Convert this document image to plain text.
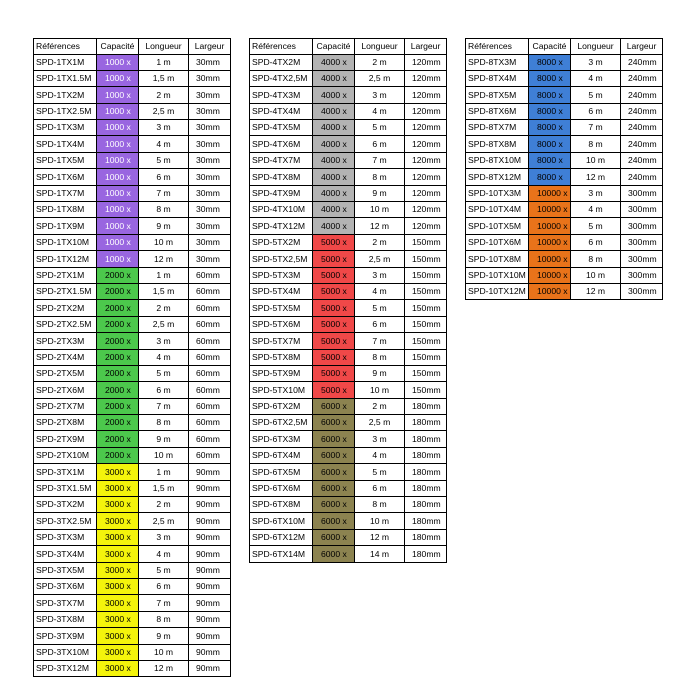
Références	Capacité	Longueur	Largeur
SPD-1TX1M	1000 x	1 m	30mm
SPD-1TX1.5M	1000 x	1,5 m	30mm
SPD-1TX2M	1000 x	2 m	30mm
SPD-1TX2.5M	1000 x	2,5 m	30mm
SPD-1TX3M	1000 x	3 m	30mm
SPD-1TX4M	1000 x	4 m	30mm
SPD-1TX5M	1000 x	5 m	30mm
SPD-1TX6M	1000 x	6 m	30mm
SPD-1TX7M	1000 x	7 m	30mm
SPD-1TX8M	1000 x	8 m	30mm
SPD-1TX9M	1000 x	9 m	30mm
SPD-1TX10M	1000 x	10 m	30mm
SPD-1TX12M	1000 x	12 m	30mm
SPD-2TX1M	2000 x	1 m	60mm
SPD-2TX1.5M	2000 x	1,5 m	60mm
SPD-2TX2M	2000 x	2 m	60mm
SPD-2TX2.5M	2000 x	2,5 m	60mm
SPD-2TX3M	2000 x	3 m	60mm
SPD-2TX4M	2000 x	4 m	60mm
SPD-2TX5M	2000 x	5 m	60mm
SPD-2TX6M	2000 x	6 m	60mm
SPD-2TX7M	2000 x	7 m	60mm
SPD-2TX8M	2000 x	8 m	60mm
SPD-2TX9M	2000 x	9 m	60mm
SPD-2TX10M	2000 x	10 m	60mm
SPD-3TX1M	3000 x	1 m	90mm
SPD-3TX1.5M	3000 x	1,5 m	90mm
SPD-3TX2M	3000 x	2 m	90mm
SPD-3TX2.5M	3000 x	2,5 m	90mm
SPD-3TX3M	3000 x	3 m	90mm
SPD-3TX4M	3000 x	4 m	90mm
SPD-3TX5M	3000 x	5 m	90mm
SPD-3TX6M	3000 x	6 m	90mm
SPD-3TX7M	3000 x	7 m	90mm
SPD-3TX8M	3000 x	8 m	90mm
SPD-3TX9M	3000 x	9 m	90mm
SPD-3TX10M	3000 x	10 m	90mm
SPD-3TX12M	3000 x	12 m	90mm
Références	Capacité	Longueur	Largeur
SPD-4TX2M	4000 x	2 m	120mm
SPD-4TX2,5M	4000 x	2,5 m	120mm
SPD-4TX3M	4000 x	3 m	120mm
SPD-4TX4M	4000 x	4 m	120mm
SPD-4TX5M	4000 x	5 m	120mm
SPD-4TX6M	4000 x	6 m	120mm
SPD-4TX7M	4000 x	7 m	120mm
SPD-4TX8M	4000 x	8 m	120mm
SPD-4TX9M	4000 x	9 m	120mm
SPD-4TX10M	4000 x	10 m	120mm
SPD-4TX12M	4000 x	12 m	120mm
SPD-5TX2M	5000 x	2 m	150mm
SPD-5TX2,5M	5000 x	2,5 m	150mm
SPD-5TX3M	5000 x	3 m	150mm
SPD-5TX4M	5000 x	4 m	150mm
SPD-5TX5M	5000 x	5 m	150mm
SPD-5TX6M	5000 x	6 m	150mm
SPD-5TX7M	5000 x	7 m	150mm
SPD-5TX8M	5000 x	8 m	150mm
SPD-5TX9M	5000 x	9 m	150mm
SPD-5TX10M	5000 x	10 m	150mm
SPD-6TX2M	6000 x	2 m	180mm
SPD-6TX2,5M	6000 x	2,5 m	180mm
SPD-6TX3M	6000 x	3 m	180mm
SPD-6TX4M	6000 x	4 m	180mm
SPD-6TX5M	6000 x	5 m	180mm
SPD-6TX6M	6000 x	6 m	180mm
SPD-6TX8M	6000 x	8 m	180mm
SPD-6TX10M	6000 x	10 m	180mm
SPD-6TX12M	6000 x	12 m	180mm
SPD-6TX14M	6000 x	14 m	180mm
Références	Capacité	Longueur	Largeur
SPD-8TX3M	8000 x	3 m	240mm
SPD-8TX4M	8000 x	4 m	240mm
SPD-8TX5M	8000 x	5 m	240mm
SPD-8TX6M	8000 x	6 m	240mm
SPD-8TX7M	8000 x	7 m	240mm
SPD-8TX8M	8000 x	8 m	240mm
SPD-8TX10M	8000 x	10 m	240mm
SPD-8TX12M	8000 x	12 m	240mm
SPD-10TX3M	10000 x	3 m	300mm
SPD-10TX4M	10000 x	4 m	300mm
SPD-10TX5M	10000 x	5 m	300mm
SPD-10TX6M	10000 x	6 m	300mm
SPD-10TX8M	10000 x	8 m	300mm
SPD-10TX10M	10000 x	10 m	300mm
SPD-10TX12M	10000 x	12 m	300mm
